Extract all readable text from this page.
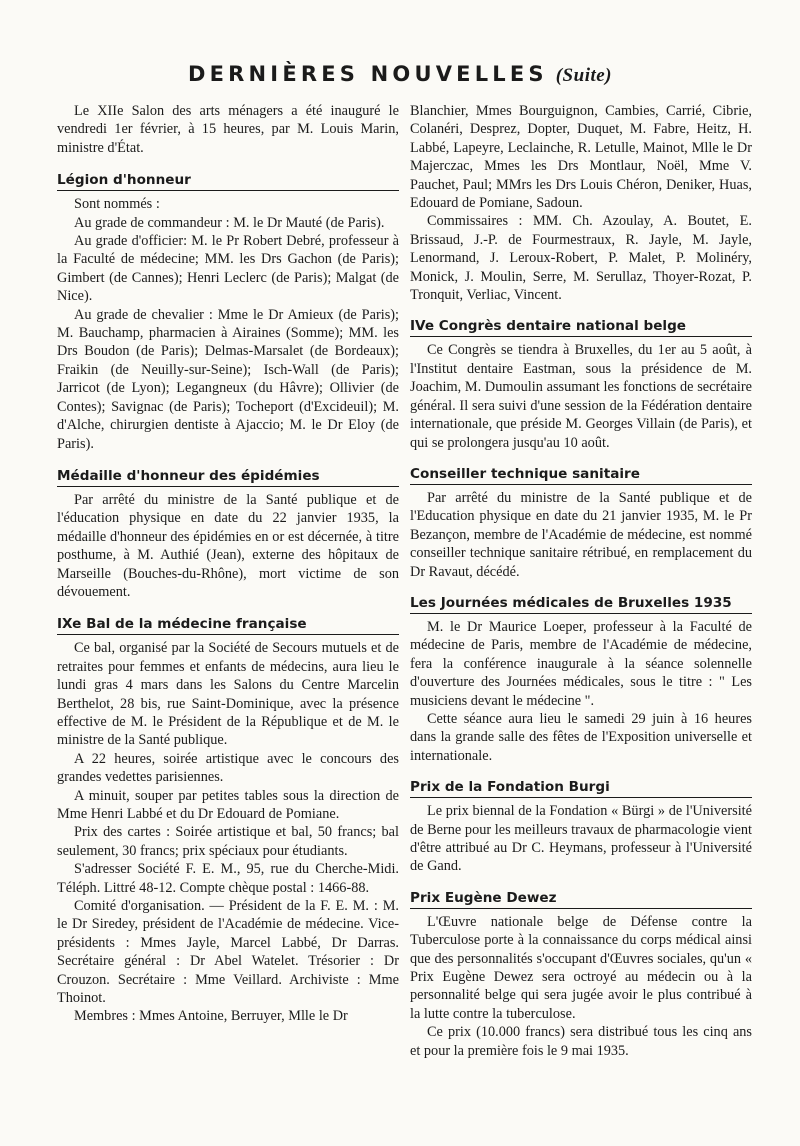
DERNIÈRES NOUVELLES (Suite)

Le XIIe Salon des arts ménagers a été inauguré le vendredi 1er février, à 15 heures, par M. Louis Marin, ministre d'État.

Légion d'honneur

Sont nommés :

Au grade de commandeur : M. le Dr Mauté (de Paris).

Au grade d'officier: M. le Pr Robert Debré, professeur à la Faculté de médecine; MM. les Drs Gachon (de Paris); Gimbert (de Cannes); Henri Leclerc (de Paris); Malgat (de Nice).

Au grade de chevalier : Mme le Dr Amieux (de Paris); M. Bauchamp, pharmacien à Airaines (Somme); MM. les Drs Boudon (de Paris); Delmas-Marsalet (de Bordeaux); Fraikin (de Neuilly-sur-Seine); Isch-Wall (de Paris); Jarricot (de Lyon); Legangneux (du Hâvre); Ollivier (de Contes); Savignac (de Paris); Tocheport (d'Excideuil); M. d'Alche, chirurgien dentiste à Ajaccio; M. le Dr Eloy (de Paris).

Médaille d'honneur des épidémies

Par arrêté du ministre de la Santé publique et de l'éducation physique en date du 22 janvier 1935, la médaille d'honneur des épidémies en or est décernée, à titre posthume, à M. Authié (Jean), externe des hôpitaux de Marseille (Bouches-du-Rhône), mort victime de son dévouement.

IXe Bal de la médecine française

Ce bal, organisé par la Société de Secours mutuels et de retraites pour femmes et enfants de médecins, aura lieu le lundi gras 4 mars dans les Salons du Centre Marcelin Berthelot, 28 bis, rue Saint-Dominique, avec la présence effective de M. le Président de la République et de M. le ministre de la Santé publique.

A 22 heures, soirée artistique avec le concours des grandes vedettes parisiennes.

A minuit, souper par petites tables sous la direction de Mme Henri Labbé et du Dr Edouard de Pomiane.

Prix des cartes : Soirée artistique et bal, 50 francs; bal seulement, 30 francs; prix spéciaux pour étudiants.

S'adresser Société F. E. M., 95, rue du Cherche-Midi. Téléph. Littré 48-12. Compte chèque postal : 1466-88.

Comité d'organisation. — Président de la F. E. M. : M. le Dr Siredey, président de l'Académie de médecine. Vice-présidents : Mmes Jayle, Marcel Labbé, Dr Darras. Secrétaire général : Dr Abel Watelet. Trésorier : Dr Crouzon. Secrétaire : Mme Veillard. Archiviste : Mme Thoinot.

Membres : Mmes Antoine, Berruyer, Mlle le Dr

Blanchier, Mmes Bourguignon, Cambies, Carrié, Cibrie, Colanéri, Desprez, Dopter, Duquet, M. Fabre, Heitz, H. Labbé, Lapeyre, Leclainche, R. Letulle, Mainot, Mlle le Dr Majerczac, Mmes les Drs Montlaur, Noël, Mme V. Pauchet, Paul; MMrs les Drs Louis Chéron, Deniker, Huas, Edouard de Pomiane, Sadoun.

Commissaires : MM. Ch. Azoulay, A. Boutet, E. Brissaud, J.-P. de Fourmestraux, R. Jayle, M. Jayle, Lenormand, J. Leroux-Robert, P. Malet, P. Molinéry, Monick, J. Moulin, Serre, M. Serullaz, Thoyer-Rozat, P. Tronquit, Verliac, Vincent.

IVe Congrès dentaire national belge

Ce Congrès se tiendra à Bruxelles, du 1er au 5 août, à l'Institut dentaire Eastman, sous la présidence de M. Joachim, M. Dumoulin assumant les fonctions de secrétaire général. Il sera suivi d'une session de la Fédération dentaire internationale, que préside M. Georges Villain (de Paris), et qui se prolongera jusqu'au 10 août.

Conseiller technique sanitaire

Par arrêté du ministre de la Santé publique et de l'Education physique en date du 21 janvier 1935, M. le Pr Bezançon, membre de l'Académie de médecine, est nommé conseiller technique sanitaire rétribué, en remplacement du Dr Ravaut, décédé.

Les Journées médicales de Bruxelles 1935

M. le Dr Maurice Loeper, professeur à la Faculté de médecine de Paris, membre de l'Académie de médecine, fera la conférence inaugurale à la séance solennelle d'ouverture des Journées médicales, sous le titre : " Les musiciens devant le médecine ".

Cette séance aura lieu le samedi 29 juin à 16 heures dans la grande salle des fêtes de l'Exposition universelle et internationale.

Prix de la Fondation Burgi

Le prix biennal de la Fondation « Bürgi » de l'Université de Berne pour les meilleurs travaux de pharmacologie vient d'être attribué au Dr C. Heymans, professeur à l'Université de Gand.

Prix Eugène Dewez

L'Œuvre nationale belge de Défense contre la Tuberculose porte à la connaissance du corps médical ainsi que des personnalités s'occupant d'Œuvres sociales, qu'un « Prix Eugène Dewez sera octroyé au médecin ou à la personnalité belge qui sera jugée avoir le plus contribué à la lutte contre la tuberculose.

Ce prix (10.000 francs) sera distribué tous les cinq ans et pour la première fois le 9 mai 1935.
